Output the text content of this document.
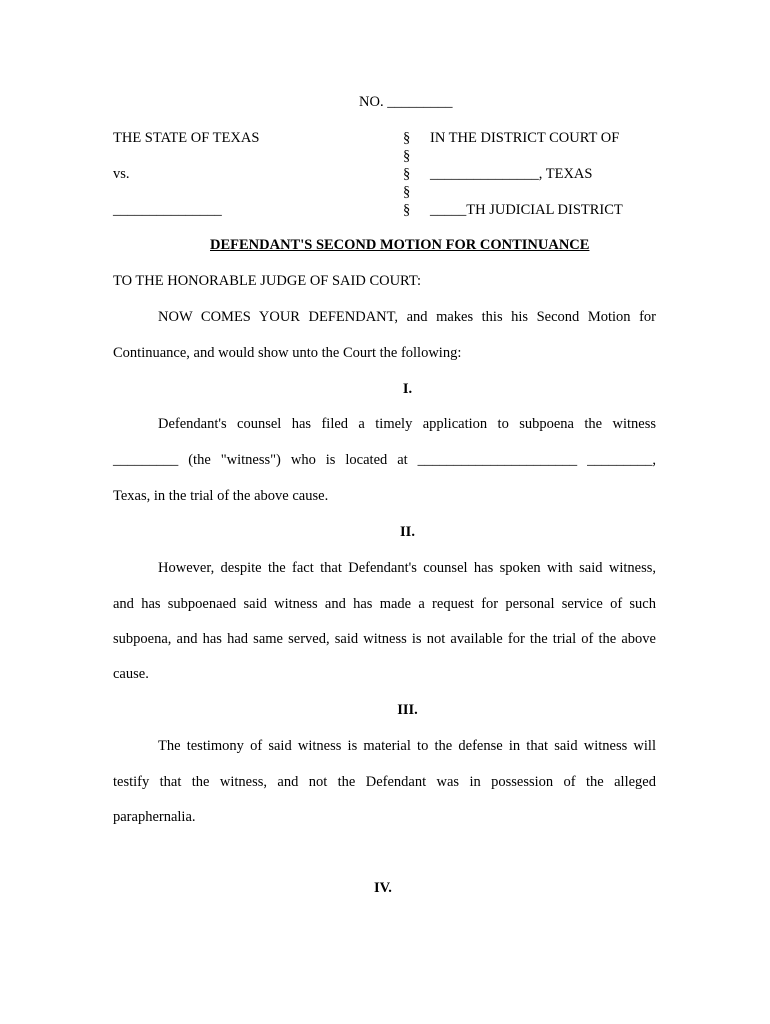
NO. _________
THE STATE OF TEXAS
vs.
_______________
§
§
§
§
§
IN THE DISTRICT COURT OF
_______________, TEXAS
_____TH JUDICIAL DISTRICT
DEFENDANT'S SECOND MOTION FOR CONTINUANCE
TO THE HONORABLE JUDGE OF SAID COURT:
NOW COMES YOUR DEFENDANT, and makes this his Second Motion for
Continuance, and would show unto the Court the following:
I.
Defendant's counsel has filed a timely application to subpoena the witness
_________ (the "witness") who is located at ______________________ _________,
Texas, in the trial of the above cause.
II.
However, despite the fact that Defendant's counsel has spoken with said witness,
and has subpoenaed said witness and has made a request for personal service of such
subpoena, and has had same served, said witness is not available for the trial of the above
cause.
III.
The testimony of said witness is material to the defense in that said witness will
testify that the witness, and not the Defendant was in possession of the alleged
paraphernalia.
IV.
